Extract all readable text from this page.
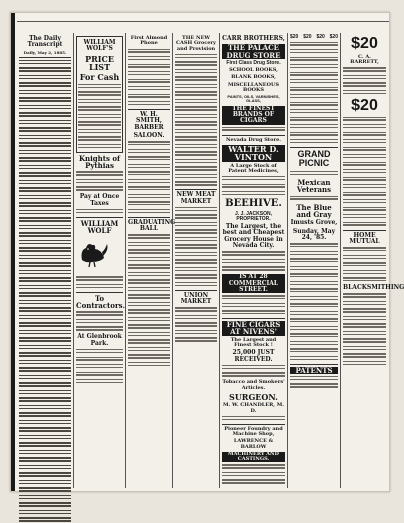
The Daily Transcript
Daily, May 2, 1885.
WILLIAM WOLF'S
PRICE LIST
For Cash
Knights of Pythias
Pay at Once Taxes
WILLIAM WOLF
To Contractors.
At Glenbrook Park.
First Almond Phone
W. H. SMITH, BARBER
SALOON.
GRADUATING BALL
THE NEW CASH Grocery and Provision
NEW MEAT MARKET
UNION MARKET
CARR BROTHERS,
THE PALACE DRUG STORE
First Class Drug Store.
SCHOOL BOOKS,
BLANK BOOKS,
MISCELLANEOUS BOOKS
PAINTS, OILS, VARNISHES, GLASS,
THE FINEST BRANDS OF CIGARS
Nevada Drug Store.
WALTER D. VINTON
A Large Stock of Patent Medicines,
BEEHIVE.
J. J. JACKSON, PROPRIETOR.
The Largest, the best and Cheapest Grocery House in Nevada City.
IS AT 28 COMMERCIAL STREET.
FINE CIGARS AT NIVENS'
The Largest and Finest Stock !
25,000 JUST RECEIVED.
Tobacco and Smokers' Articles.
SURGEON.
M. W. CHANDLER, M. D.
Pioneer Foundry and Machine Shop,
LAWRENCE & BARLOW
MACHINERY AND CASTINGS.
$20 $20 $20 $20
GRAND PICNIC
Mexican Veterans
The Blue and Gray
Imusts Grove,
Sunday, May 24, '85.
PATENTS
$20
C. A. BARRETT,
$20
HOME MUTUAL
BLACKSMITHING
